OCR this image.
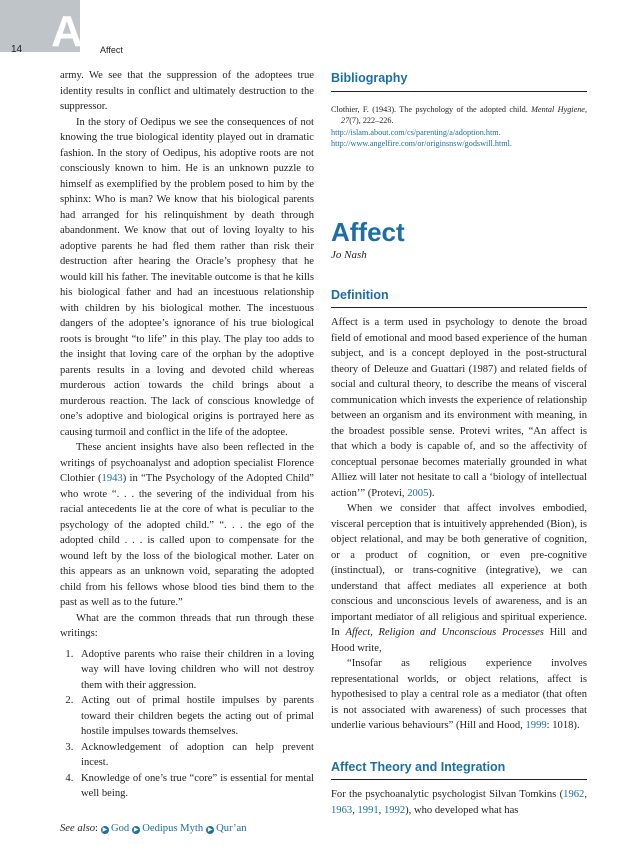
14 A Affect

army. We see that the suppression of the adoptees true identity results in conflict and ultimately destruction to the suppressor.

In the story of Oedipus we see the consequences of not knowing the true biological identity played out in dramatic fashion. In the story of Oedipus, his adoptive roots are not consciously known to him. He is an unknown puzzle to himself as exemplified by the problem posed to him by the sphinx: Who is man? We know that his biological parents had arranged for his relinquishment by death through abandonment. We know that out of loving loyalty to his adoptive parents he had fled them rather than risk their destruction after hearing the Oracle’s prophesy that he would kill his father. The inevitable outcome is that he kills his biological father and had an incestuous relationship with children by his biological mother. The incestuous dangers of the adoptee’s ignorance of his true biological roots is brought “to life” in this play. The play too adds to the insight that loving care of the orphan by the adoptive parents results in a loving and devoted child whereas murderous action towards the child brings about a murderous reaction. The lack of conscious knowledge of one’s adoptive and biological origins is portrayed here as causing turmoil and conflict in the life of the adoptee.

These ancient insights have also been reflected in the writings of psychoanalyst and adoption specialist Florence Clothier (1943) in “The Psychology of the Adopted Child” who wrote “. . . the severing of the individual from his racial antecedents lie at the core of what is peculiar to the psychology of the adopted child.” “. . . the ego of the adopted child . . . is called upon to compensate for the wound left by the loss of the biological mother. Later on this appears as an unknown void, separating the adopted child from his fellows whose blood ties bind them to the past as well as to the future.”

What are the common threads that run through these writings:

1. Adoptive parents who raise their children in a loving way will have loving children who will not destroy them with their aggression.
2. Acting out of primal hostile impulses by parents toward their children begets the acting out of primal hostile impulses towards themselves.
3. Acknowledgement of adoption can help prevent incest.
4. Knowledge of one’s true “core” is essential for mental well being.

See also: ▶ God ▶ Oedipus Myth ▶ Qur’an

Bibliography

Clothier, F. (1943). The psychology of the adopted child. Mental Hygiene, 27(7), 222–226.

http://islam.about.com/cs/parenting/a/adoption.htm.

http://www.angelfire.com/or/originsnsw/godswill.html.

Affect

Jo Nash

Definition

Affect is a term used in psychology to denote the broad field of emotional and mood based experience of the human subject, and is a concept deployed in the post-structural theory of Deleuze and Guattari (1987) and related fields of social and cultural theory, to describe the means of visceral communication which invests the experience of relationship between an organism and its environment with meaning, in the broadest possible sense. Protevi writes, “An affect is that which a body is capable of, and so the affectivity of conceptual personae becomes materially grounded in what Alliez will later not hesitate to call a ‘biology of intellectual action’” (Protevi, 2005).

When we consider that affect involves embodied, visceral perception that is intuitively apprehended (Bion), is object relational, and may be both generative of cognition, or a product of cognition, or even pre-cognitive (instinctual), or trans-cognitive (integrative), we can understand that affect mediates all experience at both conscious and unconscious levels of awareness, and is an important mediator of all religious and spiritual experience. In Affect, Religion and Unconscious Processes Hill and Hood write,

“Insofar as religious experience involves representational worlds, or object relations, affect is hypothesised to play a central role as a mediator (that often is not associated with awareness) of such processes that underlie various behaviours” (Hill and Hood, 1999: 1018).

Affect Theory and Integration

For the psychoanalytic psychologist Silvan Tomkins (1962, 1963, 1991, 1992), who developed what has
